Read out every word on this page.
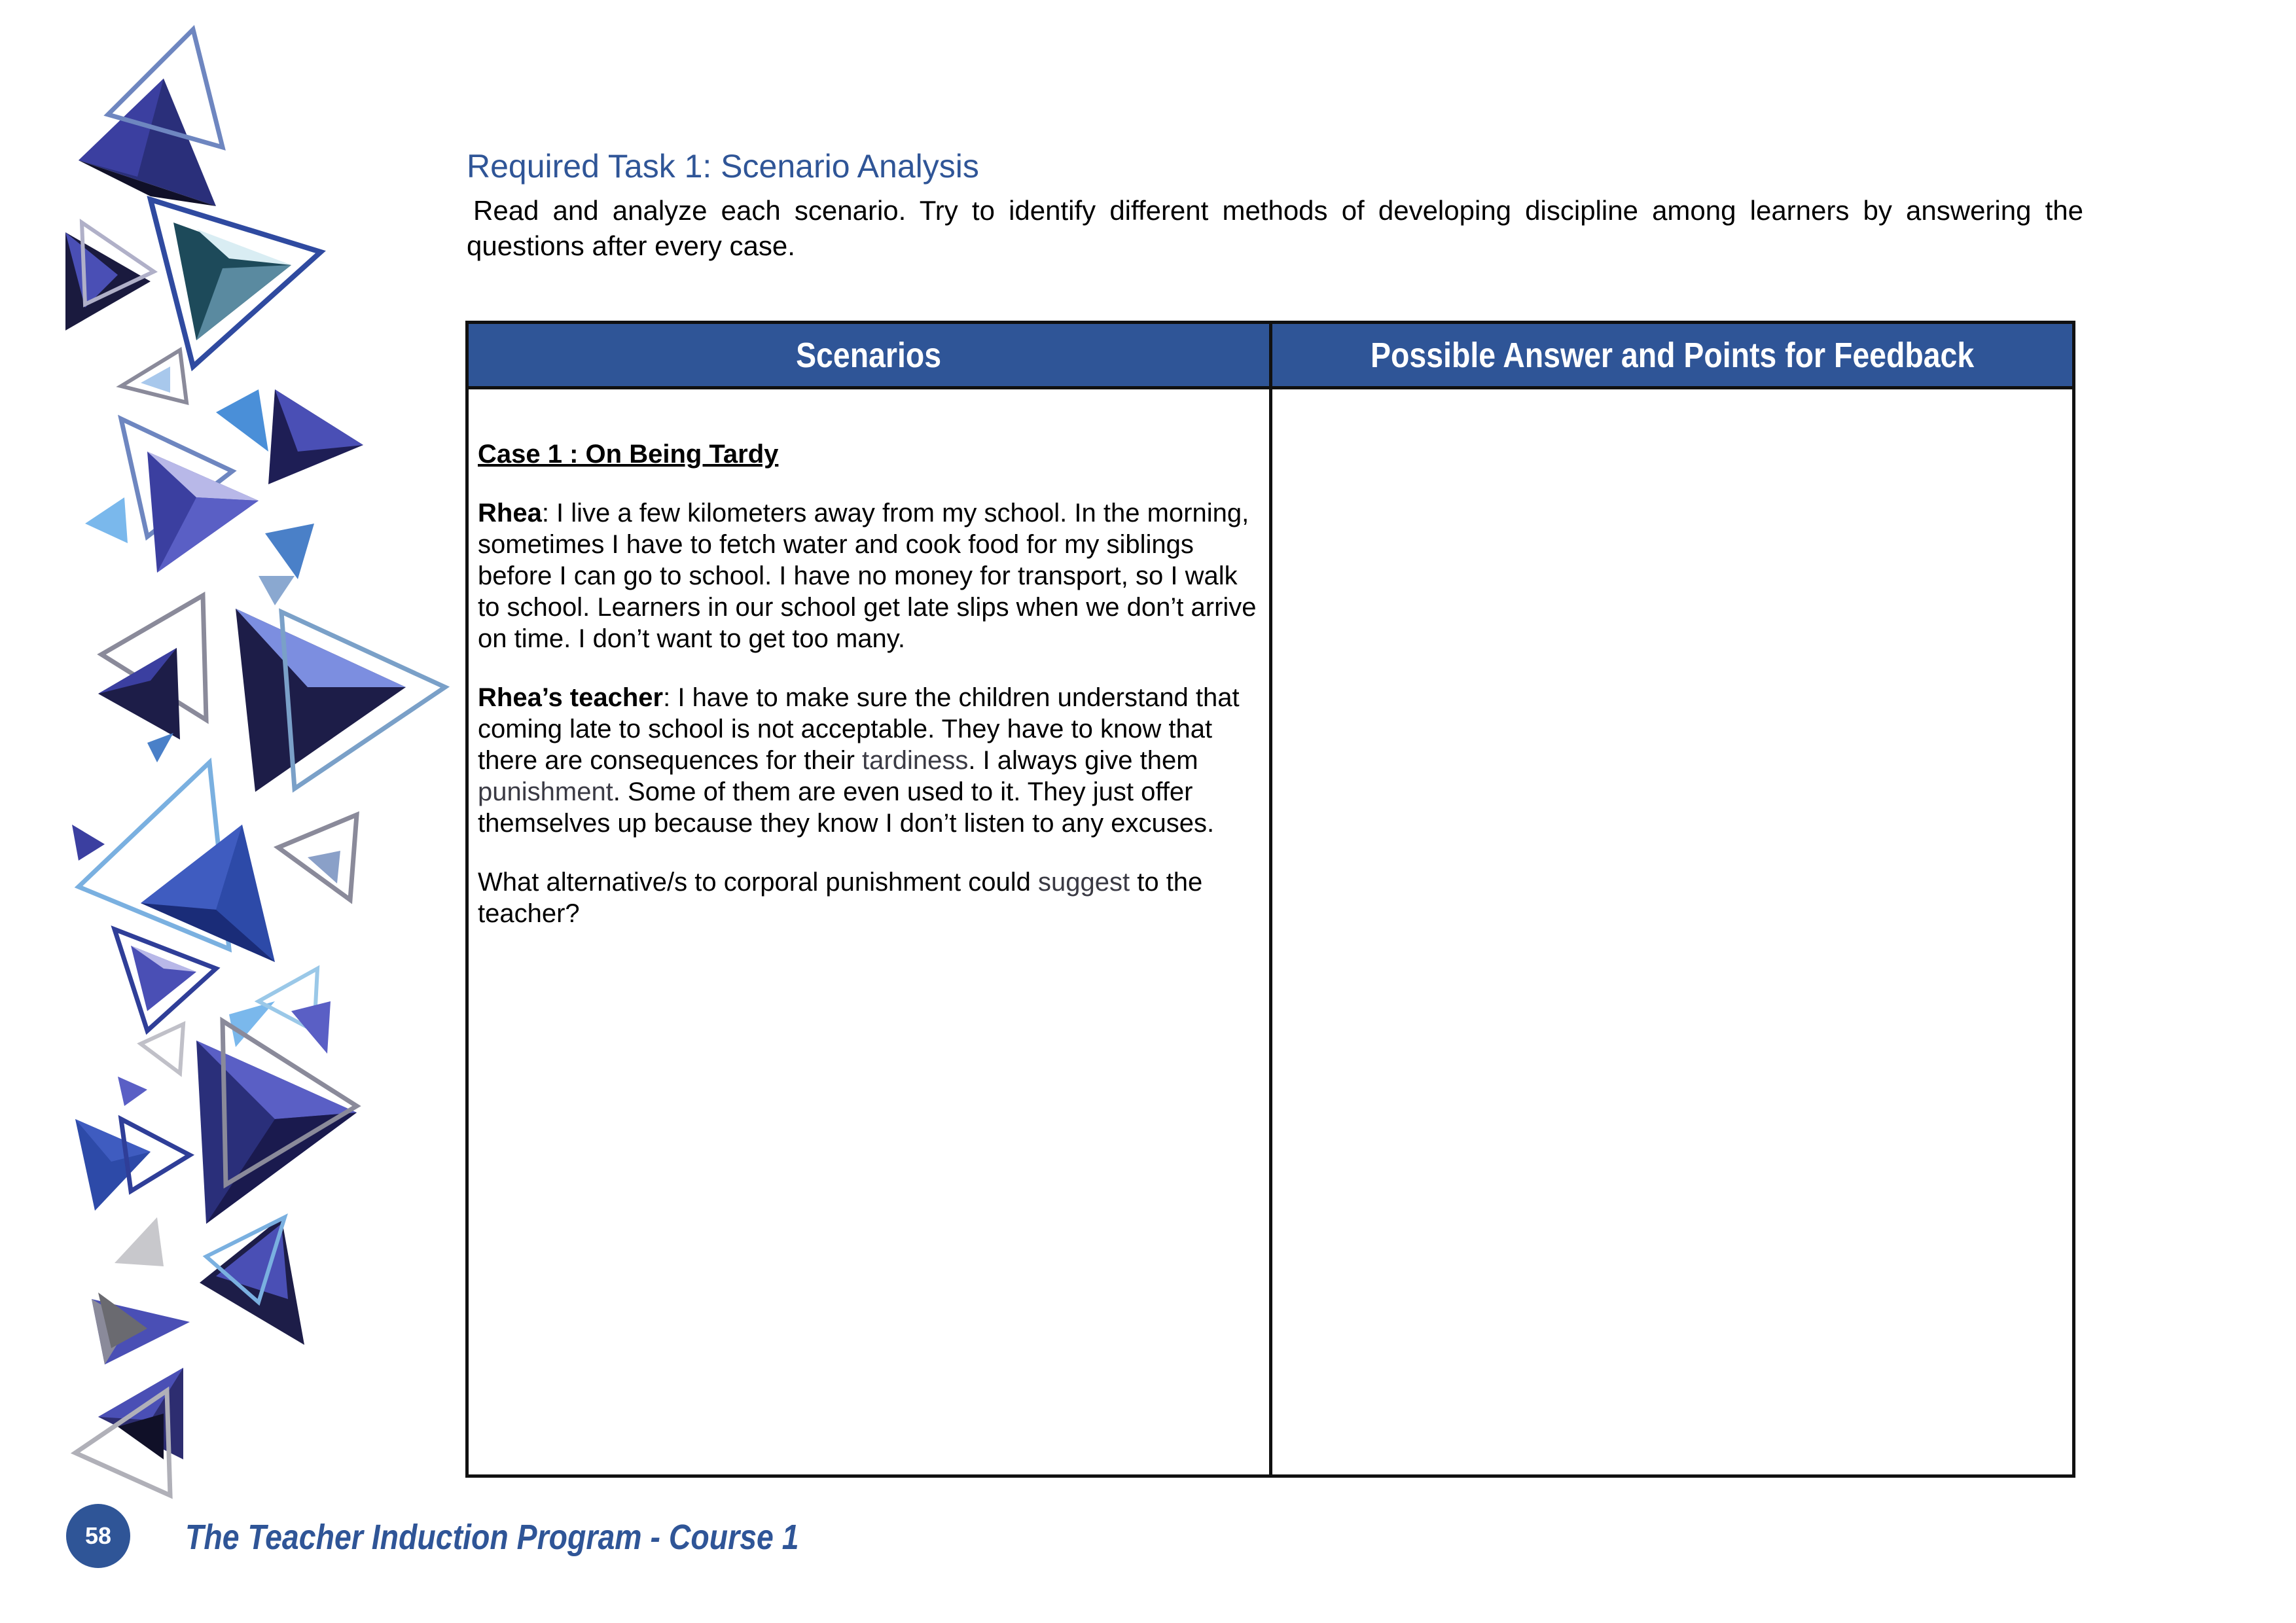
Required Task 1: Scenario Analysis
Read and analyze each scenario. Try to identify different methods of developing discipline among learners by answering the
questions after every case.
Scenarios
Case 1 : On Being Tardy
Rhea: I live a few kilometers away from my school. In the morning, sometimes I have to fetch water and cook food for my siblings before I can go to school. I have no money for transport, so I walk to school. Learners in our school get late slips when we don’t arrive on time. I don’t want to get too many.
Rhea’s teacher: I have to make sure the children understand that coming late to school is not acceptable. They have to know that there are consequences for their tardiness. I always give them punishment. Some of them are even used to it. They just offer themselves up because they know I don’t listen to any excuses.
What alternative/s to corporal punishment could suggest to the teacher?
Possible Answer and Points for Feedback
58 The Teacher Induction Program - Course 1
